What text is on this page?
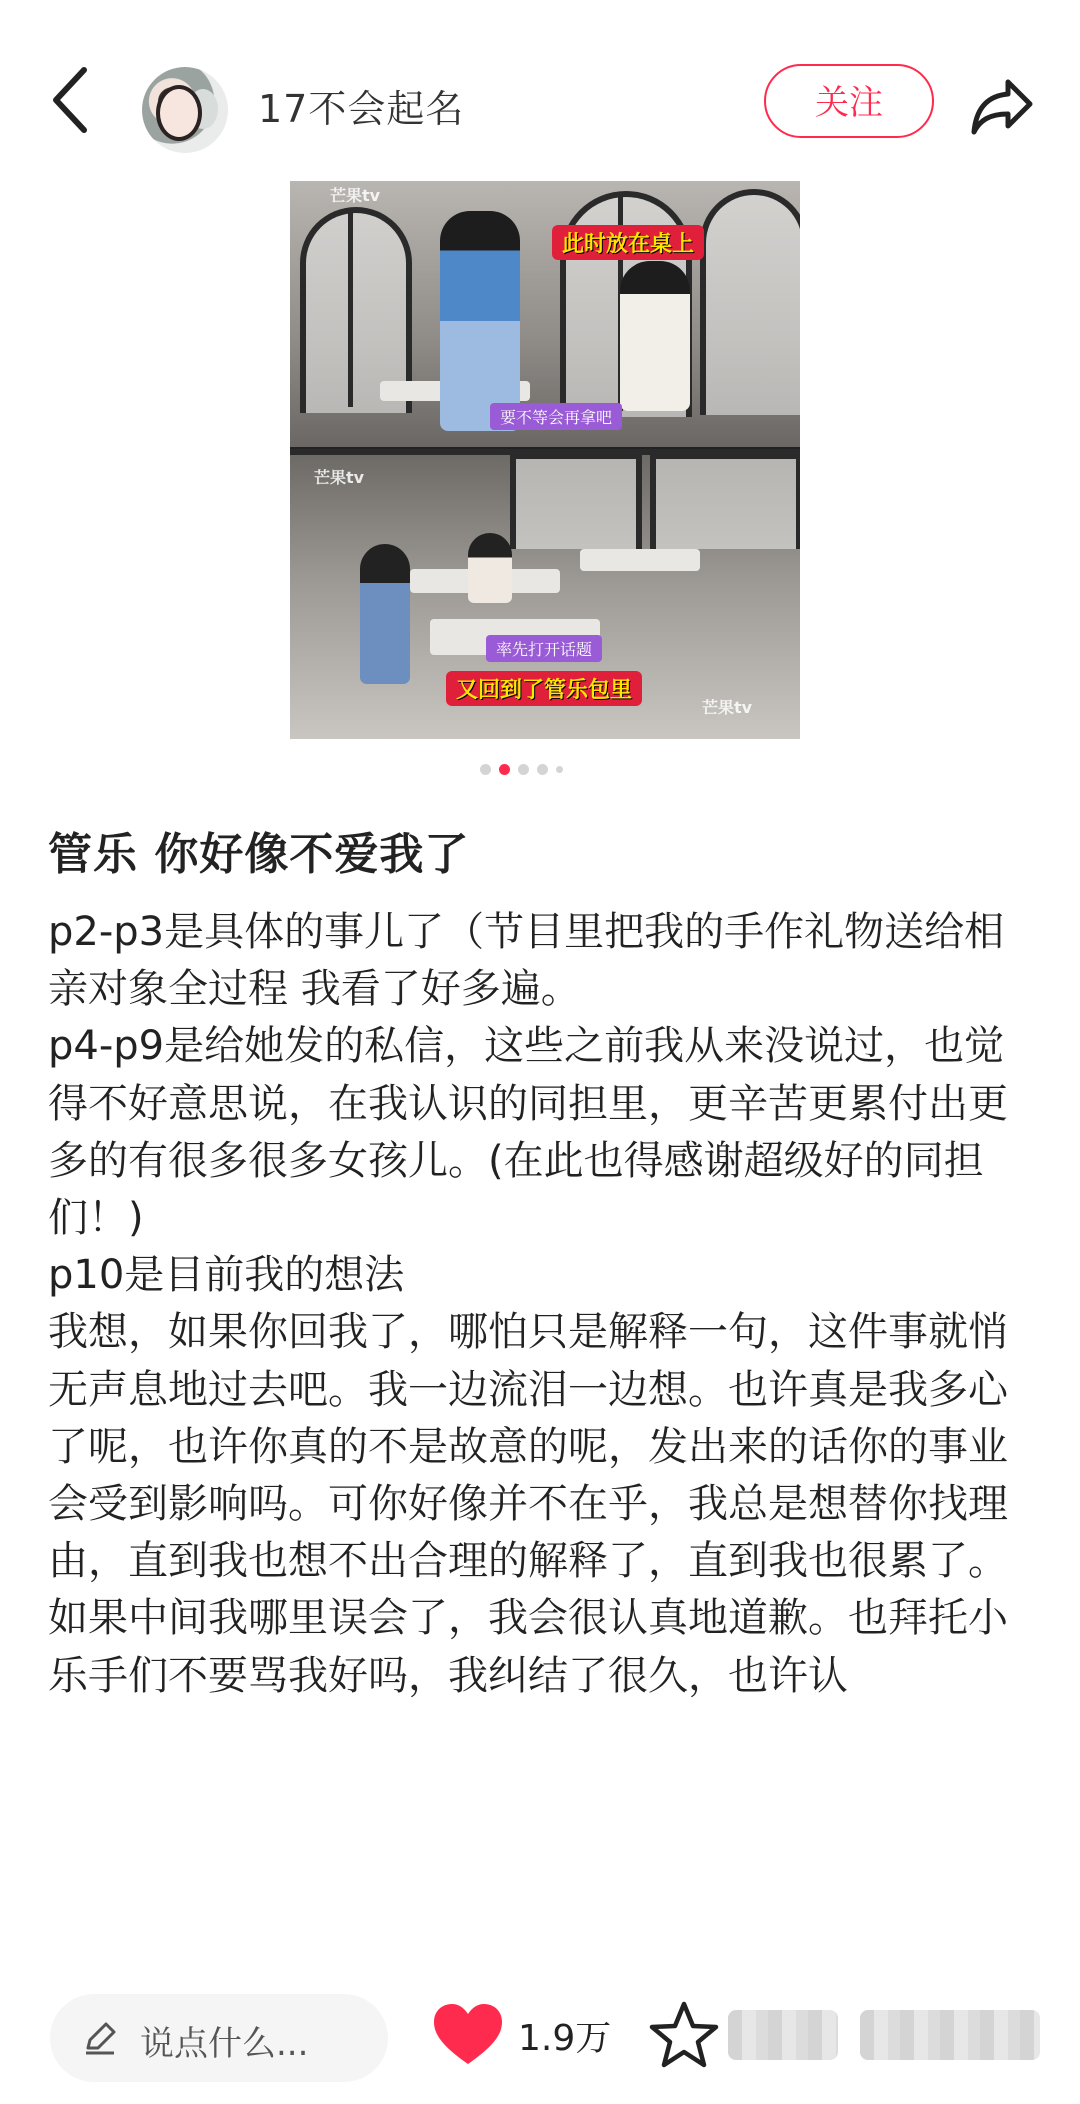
17不会起名	关注
此时放在桌上
要不等会再拿吧
芒果tv
率先打开话题
又回到了管乐包里
芒果tv
芒果tv
管乐 你好像不爱我了

p2-p3是具体的事儿了（节目里把我的手作礼物送给相亲对象全过程 我看了好多遍。

p4-p9是给她发的私信，这些之前我从来没说过，也觉得不好意思说，在我认识的同担里，更辛苦更累付出更多的有很多很多女孩儿。(在此也得感谢超级好的同担们！)

p10是目前我的想法

我想，如果你回我了，哪怕只是解释一句，这件事就悄无声息地过去吧。我一边流泪一边想。也许真是我多心了呢，也许你真的不是故意的呢，发出来的话你的事业会受到影响吗。可你好像并不在乎，我总是想替你找理由，直到我也想不出合理的解释了，直到我也很累了。

如果中间我哪里误会了，我会很认真地道歉。也拜托小乐手们不要骂我好吗，我纠结了很久，也许认

说点什么...	1.9万
